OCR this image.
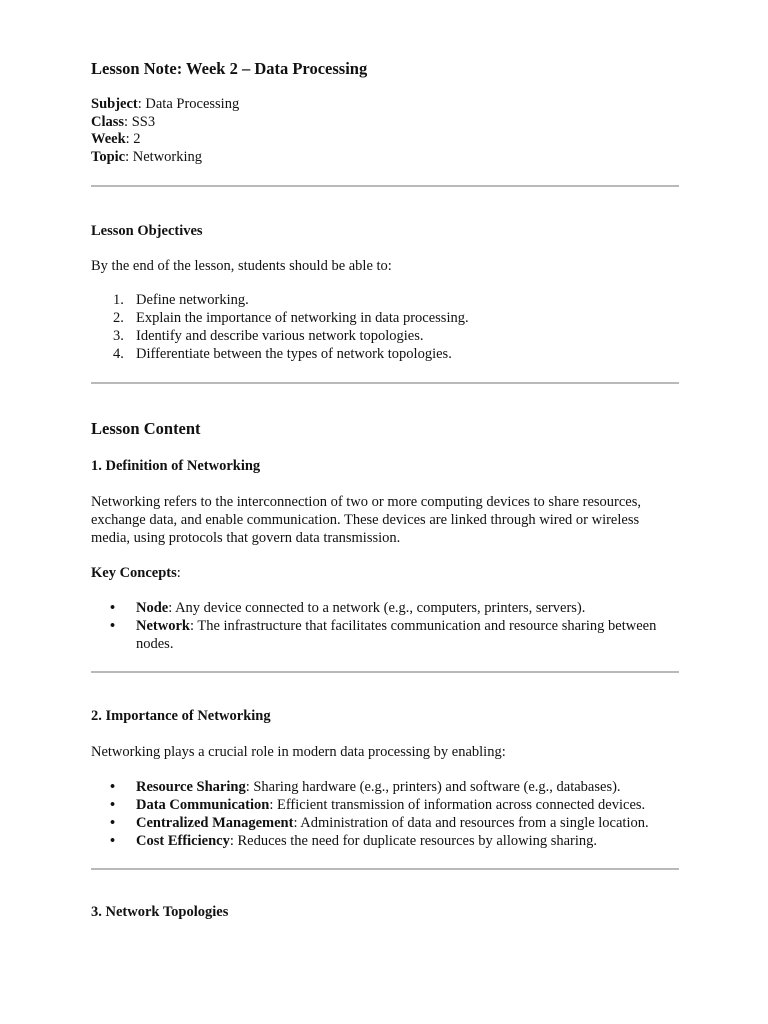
Lesson Note: Week 2 – Data Processing
Subject: Data Processing
Class: SS3
Week: 2
Topic: Networking
Lesson Objectives

By the end of the lesson, students should be able to:

1. Define networking.
2. Explain the importance of networking in data processing.
3. Identify and describe various network topologies.
4. Differentiate between the types of network topologies.
Lesson Content
1. Definition of Networking

Networking refers to the interconnection of two or more computing devices to share resources, exchange data, and enable communication. These devices are linked through wired or wireless media, using protocols that govern data transmission.

Key Concepts:

• Node: Any device connected to a network (e.g., computers, printers, servers).
• Network: The infrastructure that facilitates communication and resource sharing between nodes.
2. Importance of Networking

Networking plays a crucial role in modern data processing by enabling:

• Resource Sharing: Sharing hardware (e.g., printers) and software (e.g., databases).
• Data Communication: Efficient transmission of information across connected devices.
• Centralized Management: Administration of data and resources from a single location.
• Cost Efficiency: Reduces the need for duplicate resources by allowing sharing.
3. Network Topologies
